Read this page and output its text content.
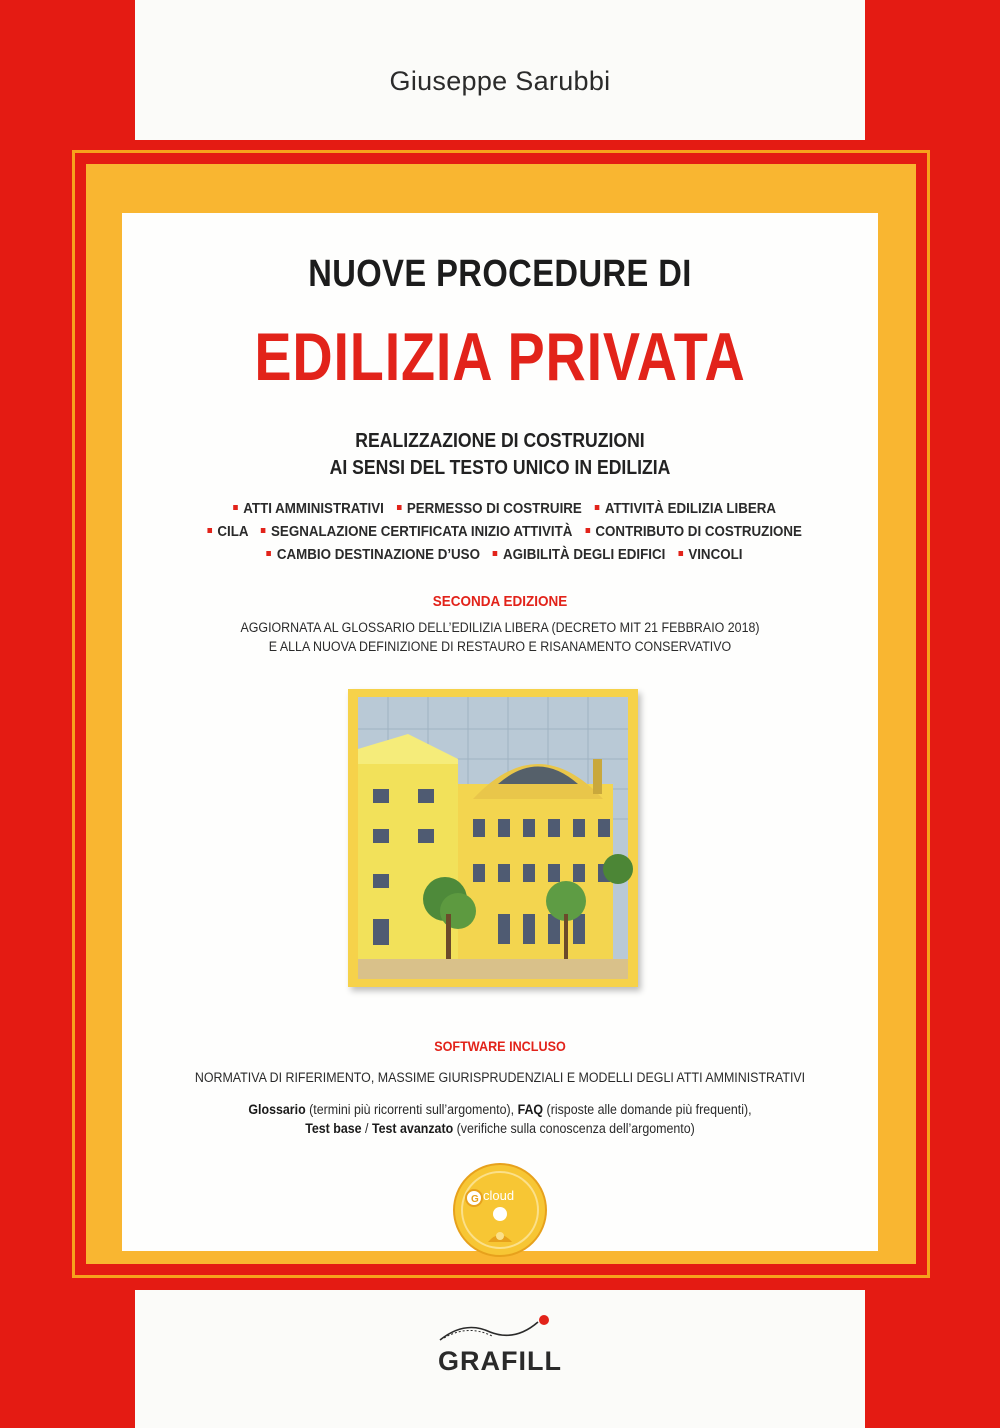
Giuseppe Sarubbi
NUOVE PROCEDURE DI
EDILIZIA PRIVATA
REALIZZAZIONE DI COSTRUZIONI
AI SENSI DEL TESTO UNICO IN EDILIZIA
ATTI AMMINISTRATIVI PERMESSO DI COSTRUIRE ATTIVITÀ EDILIZIA LIBERA
CILA SEGNALAZIONE CERTIFICATA INIZIO ATTIVITÀ CONTRIBUTO DI COSTRUZIONE
CAMBIO DESTINAZIONE D’USO AGIBILITÀ DEGLI EDIFICI VINCOLI
SECONDA EDIZIONE
AGGIORNATA AL GLOSSARIO DELL’EDILIZIA LIBERA (DECRETO MIT 21 FEBBRAIO 2018)
E ALLA NUOVA DEFINIZIONE DI RESTAURO E RISANAMENTO CONSERVATIVO
SOFTWARE INCLUSO
NORMATIVA DI RIFERIMENTO, MASSIME GIURISPRUDENZIALI E MODELLI DEGLI ATTI AMMINISTRATIVI
Glossario (termini più ricorrenti sull’argomento), FAQ (risposte alle domande più frequenti),
Test base / Test avanzato (verifiche sulla conoscenza dell’argomento)
G cloud
GRAFILL
